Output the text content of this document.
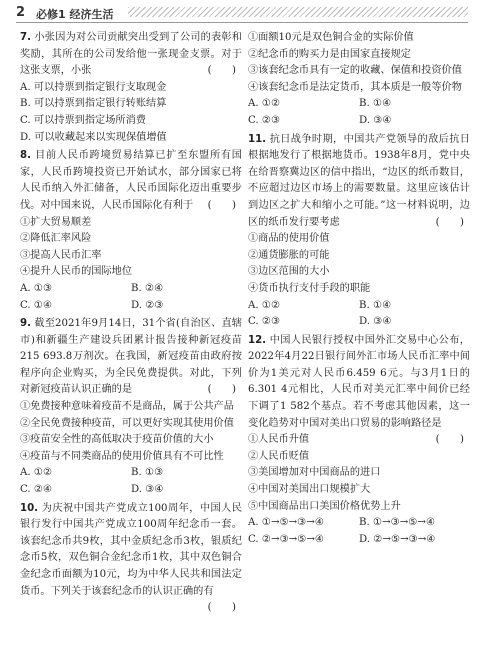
2 必修1 经济生活

7. 小张因为对公司贡献突出受到了公司的表彰和奖励，其所在的公司发给他一张现金支票。对于这张支票，小张	(　　)

A. 可以持票到指定银行支取现金

B. 可以持票到指定银行转账结算

C. 可以持票到指定场所消费

D. 可以收藏起来以实现保值增值

8. 目前人民币跨境贸易结算已扩至东盟所有国家，人民币跨境投资已开始试水，部分国家已将人民币纳入外汇储备，人民币国际化迈出重要步伐。对中国来说，人民币国际化有利于 (　　)

①扩大贸易顺差

②降低汇率风险

③提高人民币汇率

④提升人民币的国际地位

A. ①③	B. ②④
C. ①④	D. ②③

9. 截至2021年9月14日，31个省(自治区、直辖市)和新疆生产建设兵团累计报告接种新冠疫苗215 693.8万剂次。在我国，新冠疫苗由政府按程序向企业购买，为全民免费提供。对此，下列对新冠疫苗认识正确的是	(　　)

①免费接种意味着疫苗不是商品，属于公共产品

②全民免费接种疫苗，可以更好实现其使用价值

③疫苗安全性的高低取决于疫苗价值的大小

④疫苗与不同类商品的使用价值具有不可比性

A. ①②	B. ①③
C. ②④	D. ③④

10. 为庆祝中国共产党成立100周年，中国人民银行发行中国共产党成立100周年纪念币一套。该套纪念币共9枚，其中金质纪念币3枚，银质纪念币5枚，双色铜合金纪念币1枚，其中双色铜合金纪念币面额为10元，均为中华人民共和国法定货币。下列关于该套纪念币的认识正确的有
(　　)

①面额10元是双色铜合金的实际价值

②纪念币的购买力是由国家直接规定

③该套纪念币具有一定的收藏、保值和投资价值

④该套纪念币是法定货币，其本质是一般等价物

A. ①②	B. ①④
C. ②③	D. ③④

11. 抗日战争时期，中国共产党领导的敌后抗日根据地发行了根据地货币。1938年8月，党中央在给晋察冀边区的信中指出，“边区的纸币数目，不应超过边区市场上的需要数量。这里应该估计到边区之扩大和缩小之可能。”这一材料说明，边区的纸币发行要考虑	(　　)

①商品的使用价值

②通货膨胀的可能

③边区范围的大小

④货币执行支付手段的职能

A. ①②	B. ①④
C. ②③	D. ③④

12. 中国人民银行授权中国外汇交易中心公布，2022年4月22日银行间外汇市场人民币汇率中间价为1美元对人民币6.459 6元。与3月1日的6.301 4元相比，人民币对美元汇率中间价已经下调了1 582个基点。若不考虑其他因素，这一变化趋势对中国对美出口贸易的影响路径是
(　　)

①人民币升值

②人民币贬值

③美国增加对中国商品的进口

④中国对美国出口规模扩大

⑤中国商品出口美国价格优势上升

A. ①→⑤→③→④	B. ①→③→⑤→④
C. ②→③→⑤→④	D. ②→⑤→③→④
